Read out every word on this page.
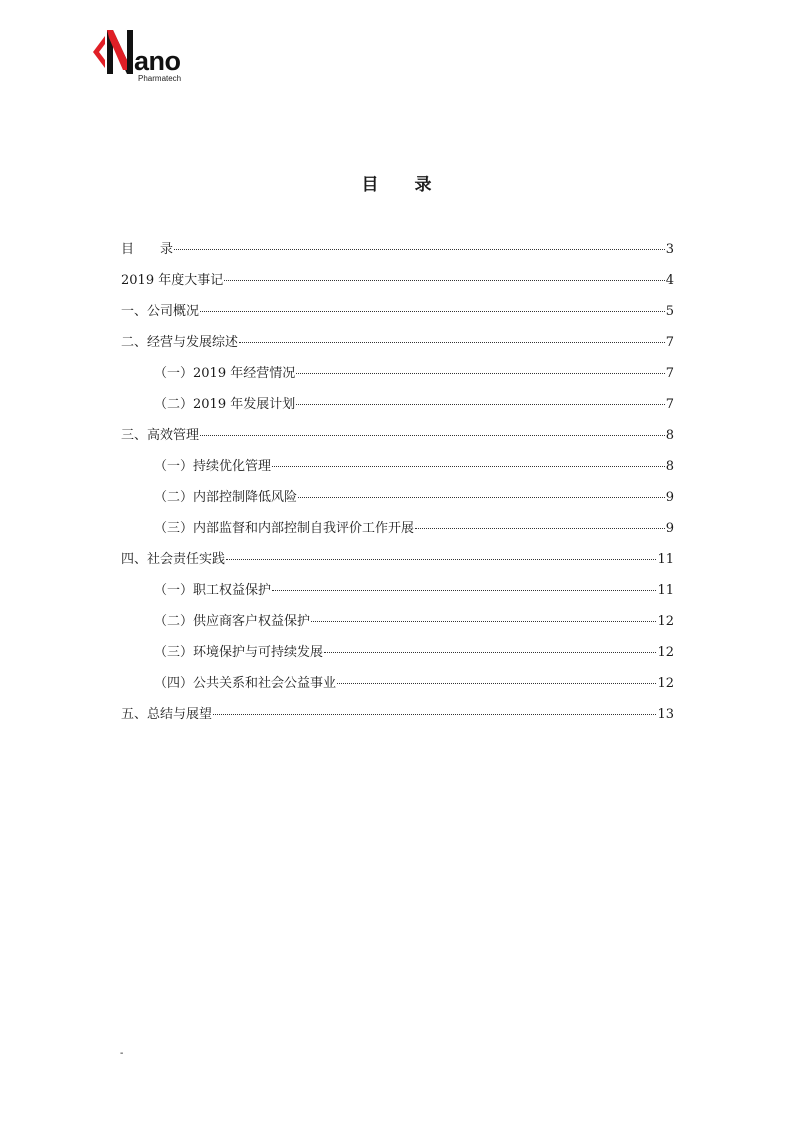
ano
Pharmatech
目录
目　　录	3
2019 年度大事记	4
一、公司概况	5
二、经营与发展综述	7
（一）2019 年经营情况	7
（二）2019 年发展计划	7
三、高效管理	8
（一）持续优化管理	8
（二）内部控制降低风险	9
（三）内部监督和内部控制自我评价工作开展	9
四、社会责任实践	11
（一）职工权益保护	11
（二）供应商客户权益保护	12
（三）环境保护与可持续发展	12
（四）公共关系和社会公益事业	12
五、总结与展望	13
-
